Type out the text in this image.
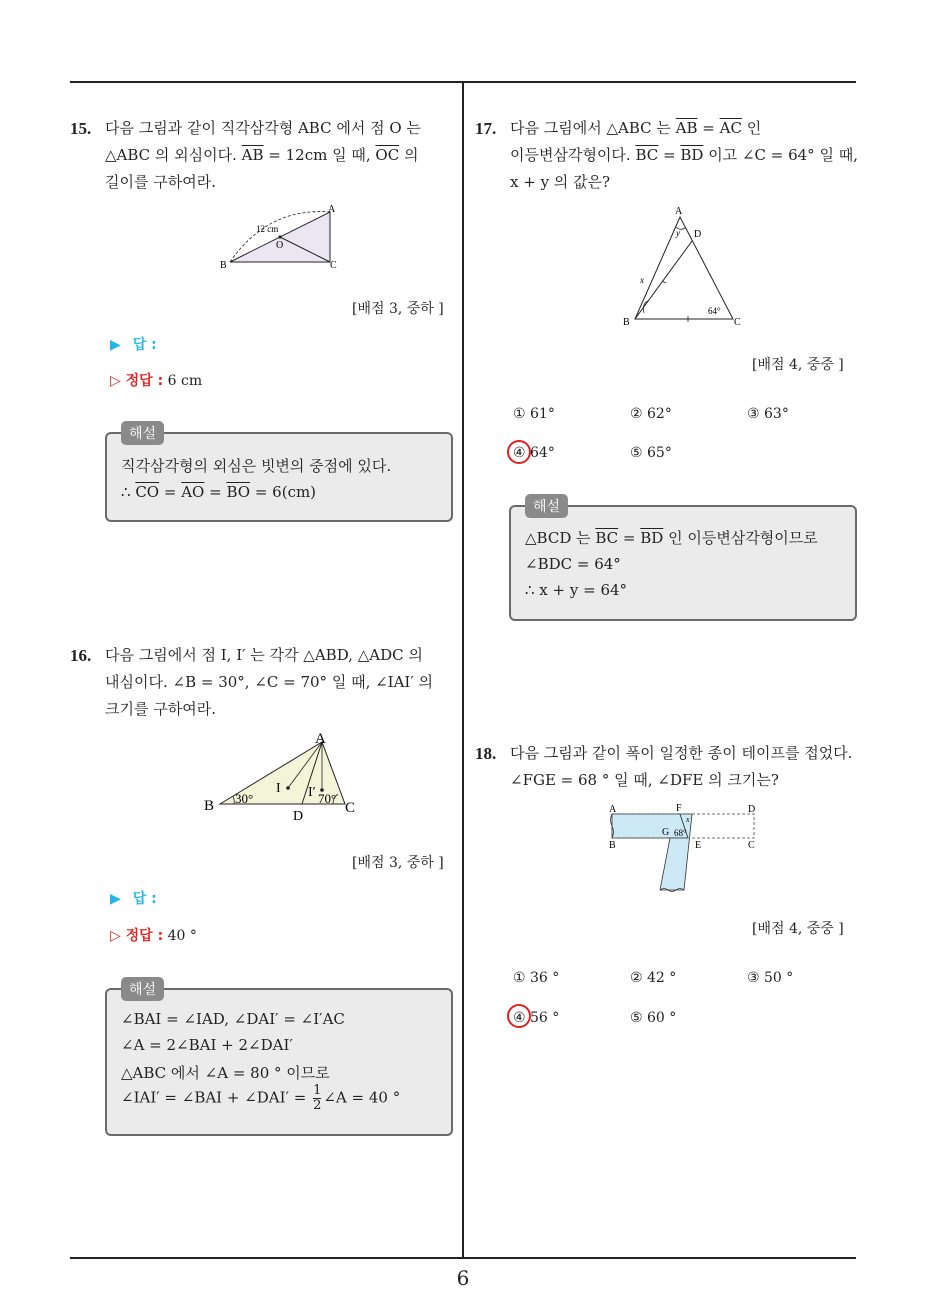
15. 다음 그림과 같이 직각삼각형 ABC 에서 점 O 는
△ABC 의 외심이다. $\overline{AB} = 12cm$ 일 때, $\overline{OC}$ 의
길이를 구하여라.
B
A
C
O
12 cm
[배점 3, 중하 ]
▶ 답 :
▷ 정답 : 6 cm
해설
직각삼각형의 외심은 빗변의 중점에 있다.
∴ $\overline{CO} = \overline{AO} = \overline{BO} = 6(cm)$
16. 다음 그림에서 점 I, I′ 는 각각 △ABD, △ADC 의
내심이다. ∠B = 30°, ∠C = 70° 일 때, ∠IAI′ 의
크기를 구하여라.
B
A
C
D
I I′
30°	70°
[배점 3, 중하 ]
▶ 답 :
▷ 정답 : 40 °
해설
∠BAI = ∠IAD, ∠DAI′ = ∠I′AC
∠A = 2∠BAI + 2∠DAI′
△ABC 에서 ∠A = 80 ° 이므로
∠IAI′ = ∠BAI + ∠DAI′ = $\frac{1}{2}$ ∠A = 40 °
17. 다음 그림에서 △ABC 는 $\overline{AB} = \overline{AC}$ 인
이등변삼각형이다. $\overline{BC} = \overline{BD}$ 이고 ∠C = 64° 일 때,
x + y 의 값은?
A
B	C
D
x
y
64°
[배점 4, 중중 ]
① 61°	② 62°	③ 63°
④ 64°	⑤ 65°
해설
△BCD 는 $\overline{BC} = \overline{BD}$ 인 이등변삼각형이므로
∠BDC = 64°
∴ x + y = 64°
18. 다음 그림과 같이 폭이 일정한 종이 테이프를 접었다.
∠FGE = 68 ° 일 때, ∠DFE 의 크기는?
A
B
D
C
F
G
E
x
68°
[배점 4, 중중 ]
① 36 °	② 42 °	③ 50 °
④ 56 °	⑤ 60 °
6
